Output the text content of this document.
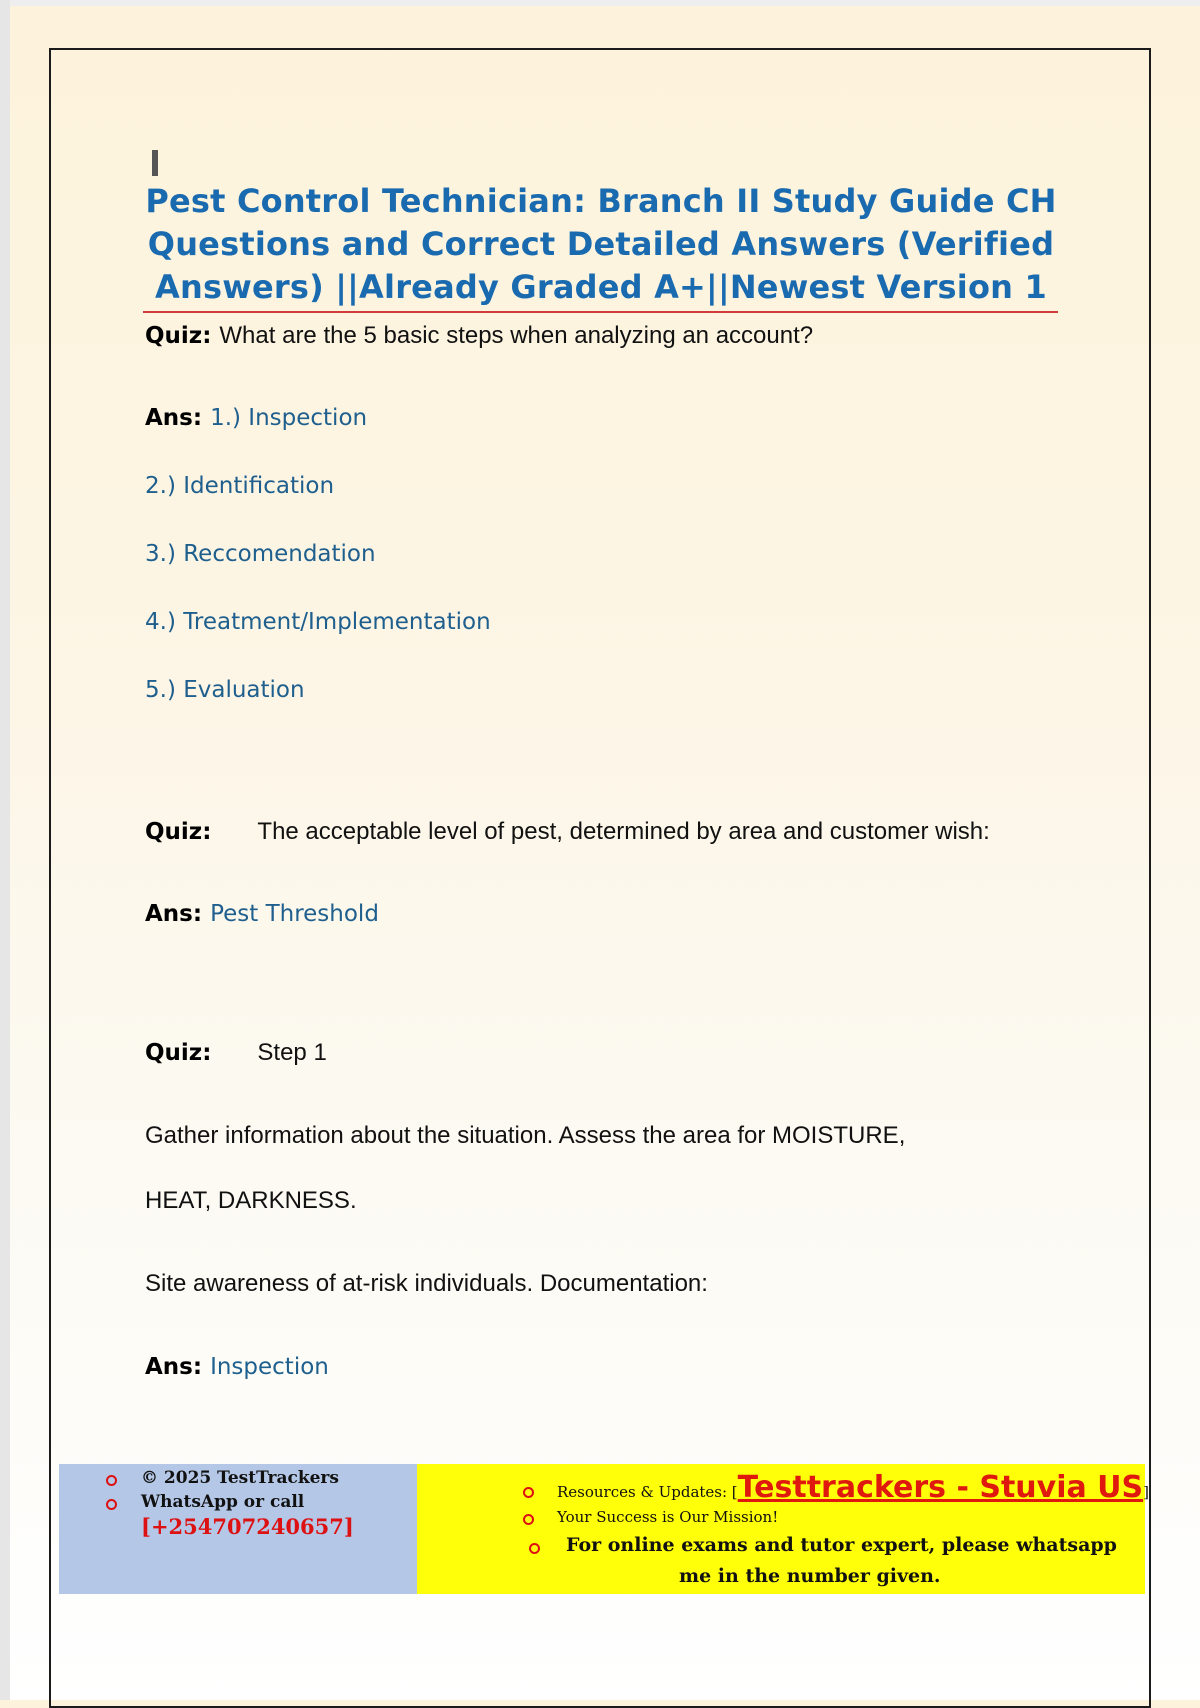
Pest Control Technician: Branch II Study Guide CH Questions and Correct Detailed Answers (Verified Answers) ||Already Graded A+||Newest Version 1

Quiz: What are the 5 basic steps when analyzing an account?

Ans: 1.) Inspection

2.) Identification

3.) Reccomendation

4.) Treatment/Implementation

5.) Evaluation

Quiz: The acceptable level of pest, determined by area and customer wish:

Ans: Pest Threshold

Quiz: Step 1

Gather information about the situation. Assess the area for MOISTURE,

HEAT, DARKNESS.

Site awareness of at-risk individuals. Documentation:

Ans: Inspection

© 2025 TestTrackers

WhatsApp or call

[+254707240657]

Resources & Updates: [Testtrackers - Stuvia US]

Your Success is Our Mission!

For online exams and tutor expert, please whatsapp

me in the number given.
